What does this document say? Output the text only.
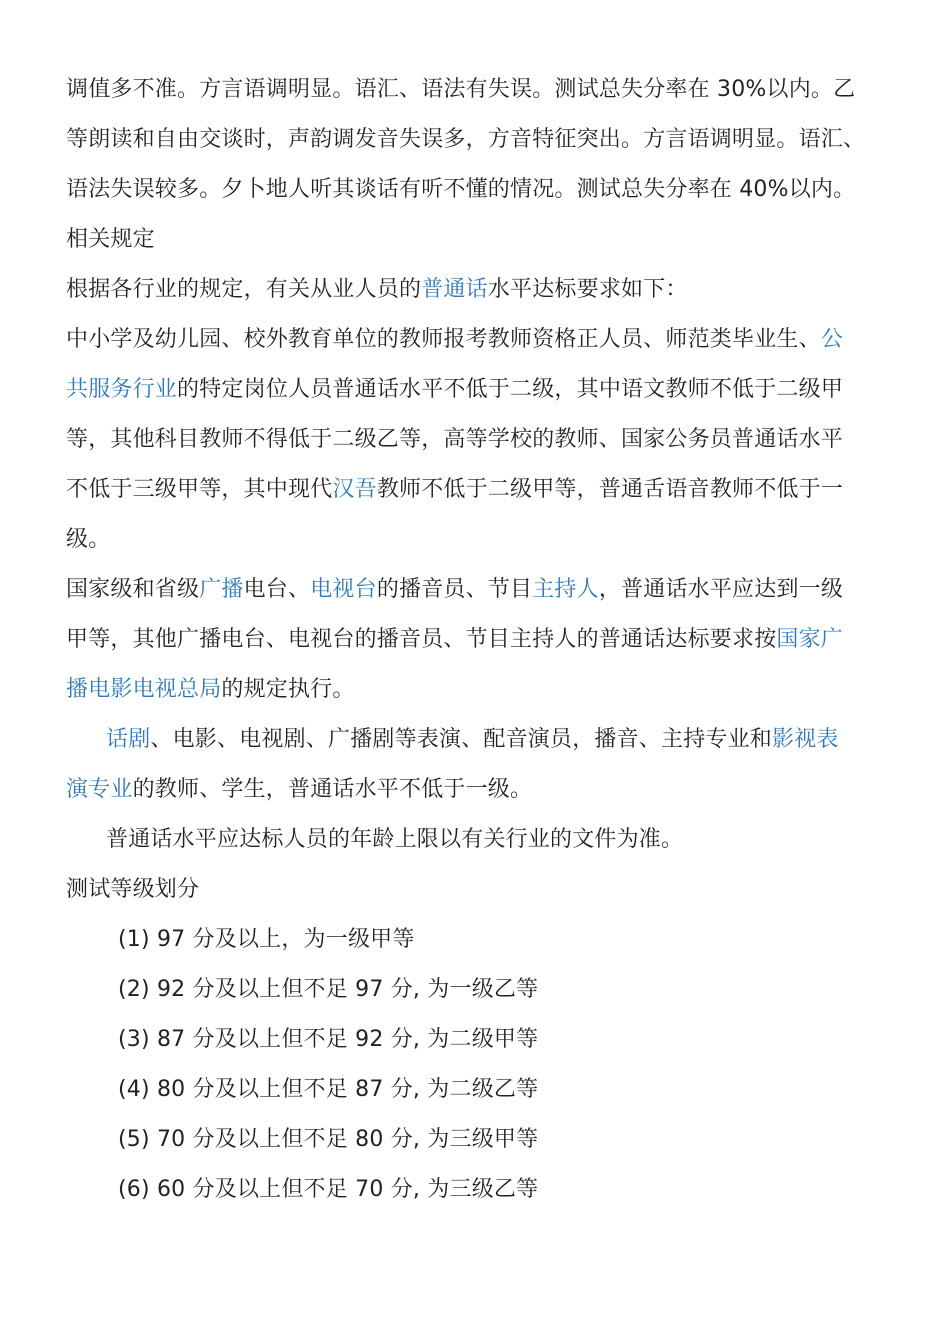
调值多不准。方言语调明显。语汇、语法有失误。测试总失分率在 30%以内。乙
等朗读和自由交谈时，声韵调发音失误多，方音特征突出。方言语调明显。语汇、
语法失误较多。夕卜地人听其谈话有听不懂的情况。测试总失分率在 40%以内。
相关规定
根据各行业的规定，有关从业人员的普通话水平达标要求如下：
中小学及幼儿园、校外教育单位的教师报考教师资格正人员、师范类毕业生、公
共服务行业的特定岗位人员普通话水平不低于二级，其中语文教师不低于二级甲
等，其他科目教师不得低于二级乙等，高等学校的教师、国家公务员普通话水平
不低于三级甲等，其中现代汉吾教师不低于二级甲等，普通舌语音教师不低于一
级。
国家级和省级广播电台、电视台的播音员、节目主持人，普通话水平应达到一级
甲等，其他广播电台、电视台的播音员、节目主持人的普通话达标要求按国家广
播电影电视总局的规定执行。
话剧、电影、电视剧、广播剧等表演、配音演员，播音、主持专业和影视表
演专业的教师、学生，普通话水平不低于一级。
普通话水平应达标人员的年龄上限以有关行业的文件为准。
测试等级划分
(1) 97 分及以上，为一级甲等
(2) 92 分及以上但不足 97 分, 为一级乙等
(3) 87 分及以上但不足 92 分, 为二级甲等
(4) 80 分及以上但不足 87 分, 为二级乙等
(5) 70 分及以上但不足 80 分, 为三级甲等
(6) 60 分及以上但不足 70 分, 为三级乙等
